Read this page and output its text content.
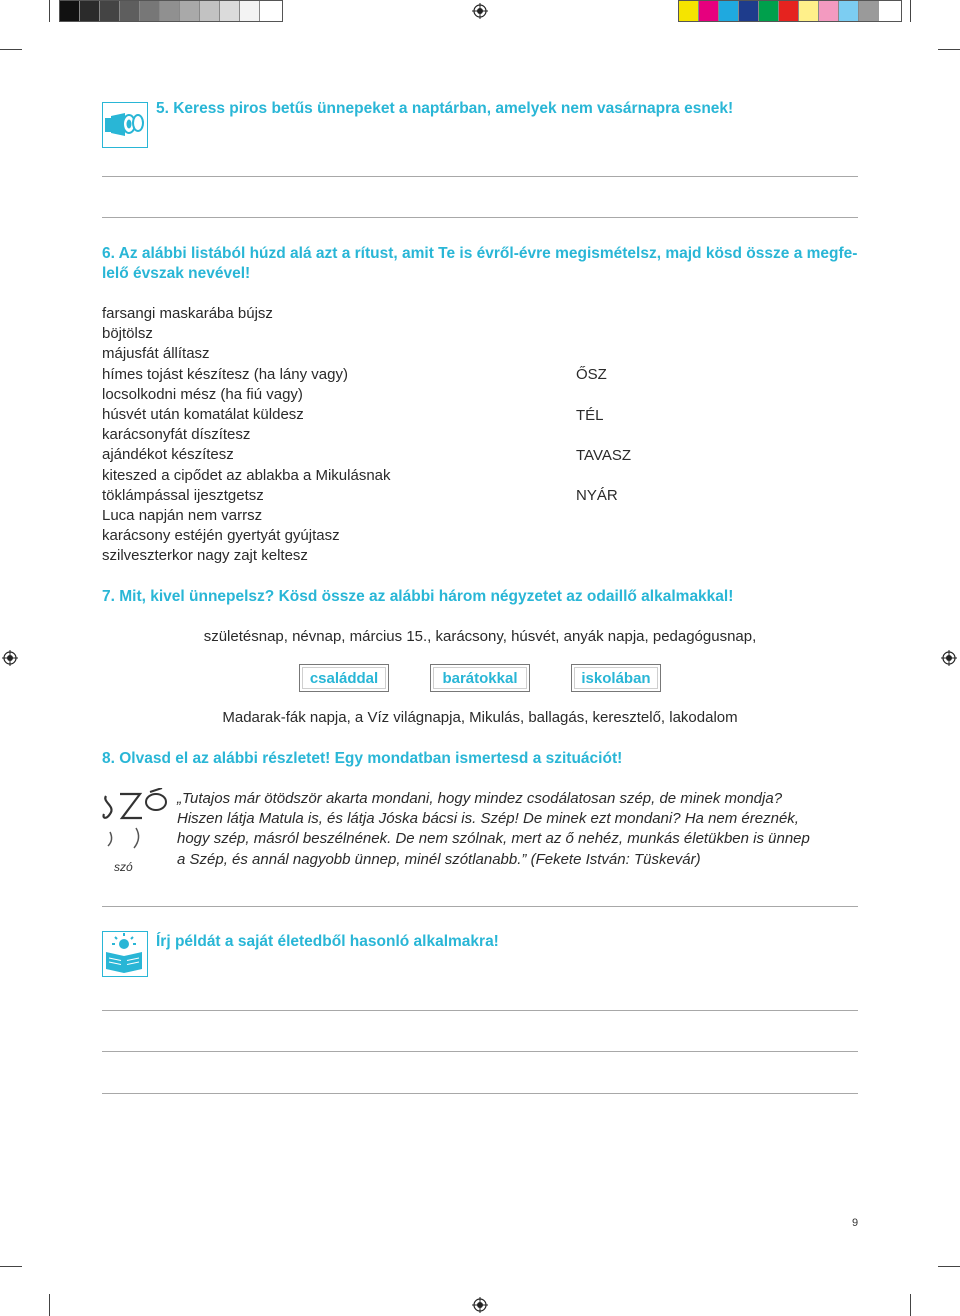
5. Keress piros betűs ünnepeket a naptárban, amelyek nem vasárnapra esnek!
6. Az alábbi listából húzd alá azt a rítust, amit Te is évről-évre megismételsz, majd kösd össze a megfe-
lelő évszak nevével!
farsangi maskarába bújsz
böjtölsz
májusfát állítasz
hímes tojást készítesz (ha lány vagy)
locsolkodni mész (ha fiú vagy)
húsvét után komatálat küldesz
karácsonyfát díszítesz
ajándékot készítesz
kiteszed a cipődet az ablakba a Mikulásnak
töklámpással ijesztgetsz
Luca napján nem varrsz
karácsony estéjén gyertyát gyújtasz
szilveszterkor nagy zajt keltesz
ŐSZ
TÉL
TAVASZ
NYÁR
7. Mit, kivel ünnepelsz? Kösd össze az alábbi három négyzetet az odaillő alkalmakkal!
születésnap, névnap, március 15., karácsony, húsvét, anyák napja, pedagógusnap,
családdal	barátokkal	iskolában
Madarak-fák napja, a Víz világnapja, Mikulás, ballagás, keresztelő, lakodalom
8. Olvasd el az alábbi részletet! Egy mondatban ismertesd a szituációt!
szó
„Tutajos már ötödször akarta mondani, hogy mindez csodálatosan szép, de minek mondja?
Hiszen látja Matula is, és látja Jóska bácsi is. Szép! De minek ezt mondani? Ha nem éreznék,
hogy szép, másról beszélnének. De nem szólnak, mert az ő nehéz, munkás életükben is ünnep
a Szép, és annál nagyobb ünnep, minél szótlanabb.” (Fekete István: Tüskevár)
Írj példát a saját életedből hasonló alkalmakra!
9
